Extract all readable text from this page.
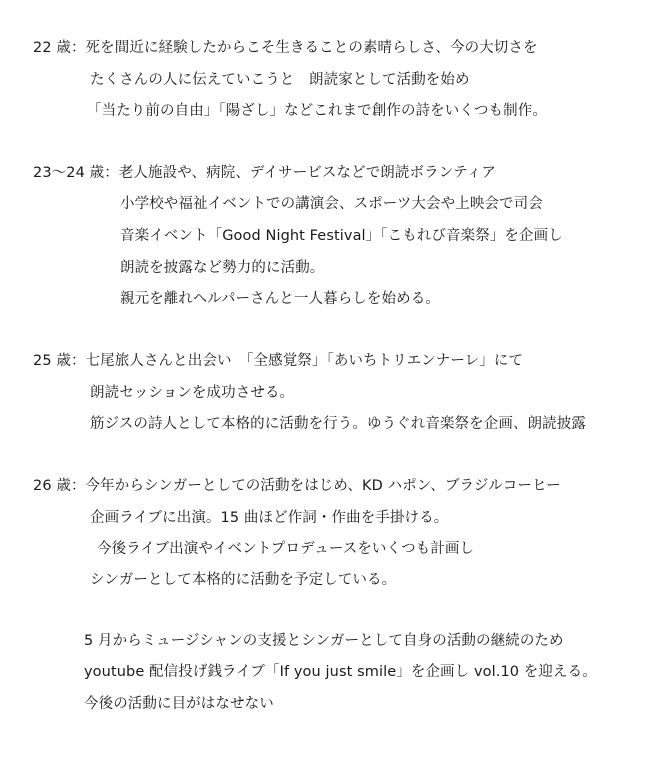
22 歳：死を間近に経験したからこそ生きることの素晴らしさ、今の大切さを
たくさんの人に伝えていこうと　朗読家として活動を始め
「当たり前の自由」「陽ざし」などこれまで創作の詩をいくつも制作。
23〜24 歳：老人施設や、病院、デイサービスなどで朗読ボランティア
小学校や福祉イベントでの講演会、スポーツ大会や上映会で司会
音楽イベント「Good Night Festival」「こもれび音楽祭」を企画し
朗読を披露など勢力的に活動。
親元を離れヘルパーさんと一人暮らしを始める。
25 歳：七尾旅人さんと出会い　「全感覚祭」「あいちトリエンナーレ」にて
朗読セッションを成功させる。
筋ジスの詩人として本格的に活動を行う。ゆうぐれ音楽祭を企画、朗読披露
26 歳：今年からシンガーとしての活動をはじめ、KD ハポン、ブラジルコーヒー
企画ライブに出演。15 曲ほど作詞・作曲を手掛ける。
今後ライブ出演やイベントプロデュースをいくつも計画し
シンガーとして本格的に活動を予定している。
5 月からミュージシャンの支援とシンガーとして自身の活動の継続のため
youtube 配信投げ銭ライブ「If you just smile」を企画し vol.10 を迎える。
今後の活動に目がはなせない
